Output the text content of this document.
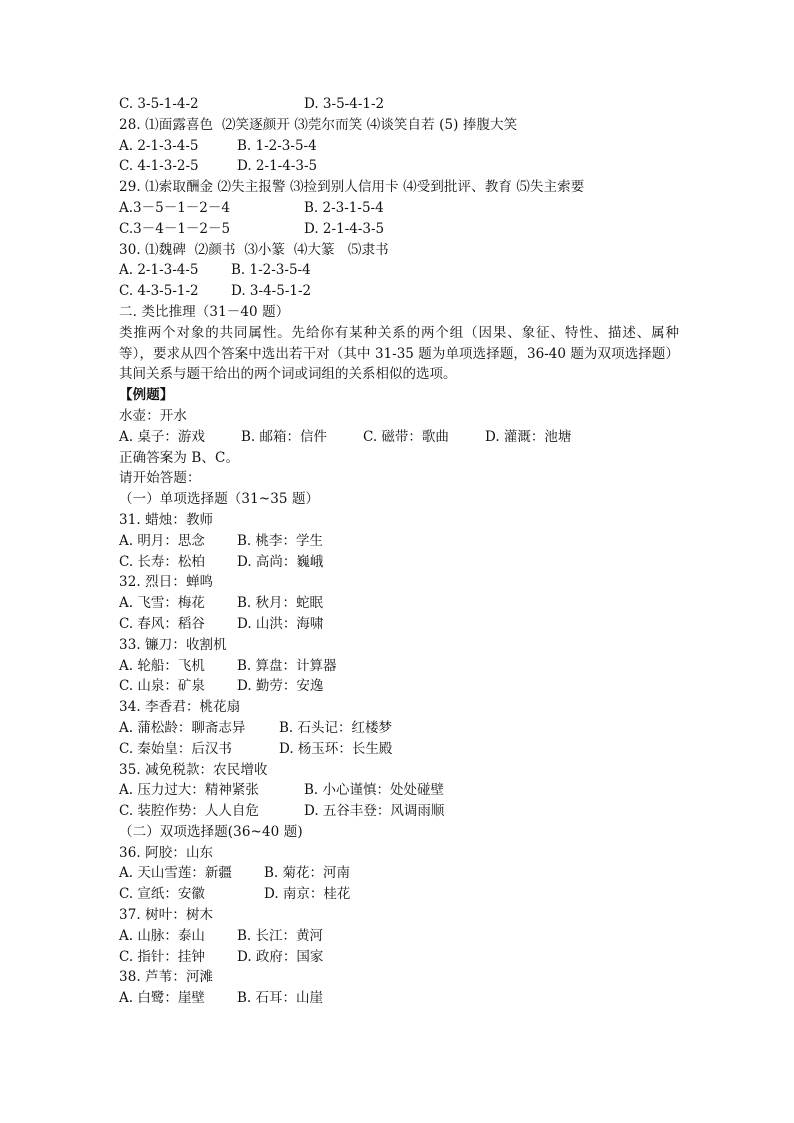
C. 3-5-1-4-2	D. 3-5-4-1-2
28. ⑴面露喜色  ⑵笑逐颜开 ⑶莞尔而笑 ⑷谈笑自若 (5) 捧腹大笑
A. 2-1-3-4-5	B. 1-2-3-5-4
C. 4-1-3-2-5	D. 2-1-4-3-5
29. ⑴索取酬金 ⑵失主报警 ⑶捡到别人信用卡 ⑷受到批评、教育 ⑸失主索要
A.3－5－1－2－4	B. 2-3-1-5-4
C.3－4－1－2－5	D. 2-1-4-3-5
30. ⑴魏碑  ⑵颜书  ⑶小篆  ⑷大篆   ⑸隶书
A. 2-1-3-4-5	B. 1-2-3-5-4
C. 4-3-5-1-2	D. 3-4-5-1-2
二. 类比推理（31－40 题）
类推两个对象的共同属性。先给你有某种关系的两个组（因果、象征、特性、描述、属种等），要求从四个答案中选出若干对（其中 31-35 题为单项选择题，36-40 题为双项选择题）其间关系与题干给出的两个词或词组的关系相似的选项。
【例题】
水壶：开水
A. 桌子：游戏	B. 邮箱：信件	C. 磁带：歌曲	D. 灌溉：池塘
正确答案为 B、C。
请开始答题：
（一）单项选择题（31~35 题）
31. 蜡烛：教师
A. 明月：思念	B. 桃李：学生
C. 长寿：松柏	D. 高尚：巍峨
32. 烈日：蝉鸣
A. 飞雪：梅花	B. 秋月：蛇眠
C. 春风：稻谷	D. 山洪：海啸
33. 镰刀：收割机
A. 轮船：飞机	B. 算盘：计算器
C. 山泉：矿泉	D. 勤劳：安逸
34. 李香君：桃花扇
A. 蒲松龄：聊斋志异	B. 石头记：红楼梦
C. 秦始皇：后汉书	D. 杨玉环：长生殿
35. 减免税款：农民增收
A. 压力过大：精神紧张	B. 小心谨慎：处处碰壁
C. 装腔作势：人人自危	D. 五谷丰登：风调雨顺
（二）双项选择题(36~40 题)
36. 阿胶：山东
A. 天山雪莲：新疆	B. 菊花：河南
C. 宣纸：安徽	D. 南京：桂花
37. 树叶：树木
A. 山脉：泰山	B. 长江：黄河
C. 指针：挂钟	D. 政府：国家
38. 芦苇：河滩
A. 白鹭：崖壁	B. 石耳：山崖
